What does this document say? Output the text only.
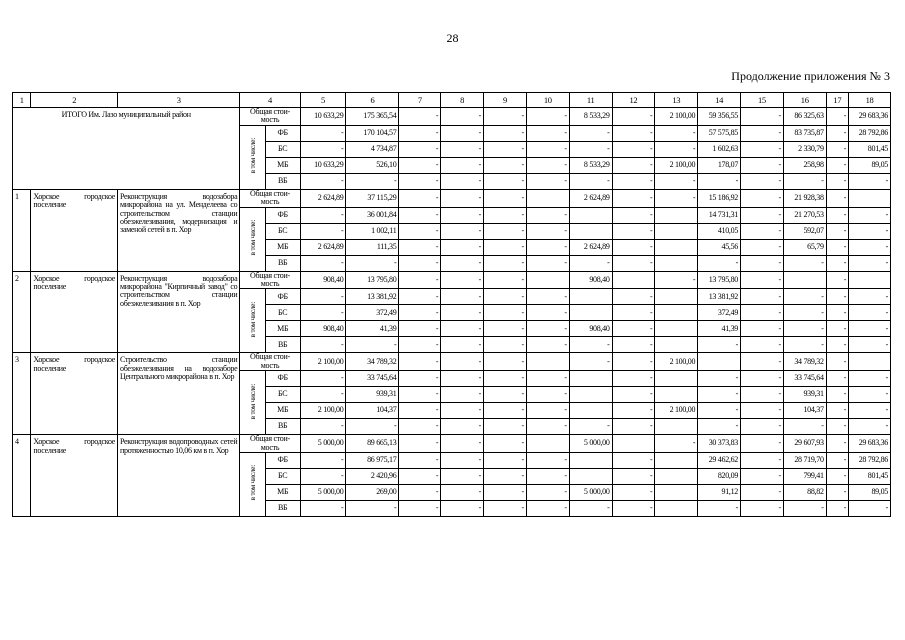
28
Продолжение приложения № 3
1	2	3	4		5	6	7	8	9	10	11	12	13	14	15	16	17	18
ИТОГО Им. Лазо муниципальный район			Общая стои-
мость		10 633,29	175 365,54	-	-	-	-	8 533,29	-	2 100,00	59 356,55	-	86 325,63	-	29 683,36
			в том числе:	ФБ	-	170 104,57	-	-	-	-	-	-	-	57 575,85	-	83 735,87	-	28 792,86
				БС	-	4 734,87	-	-	-	-	-	-	-	1 602,63	-	2 330,79	-	801,45
				МБ	10 633,29	526,10	-	-	-	-	8 533,29	-	2 100,00	178,07	-	258,98	-	89,05
				ВБ	-	-	-	-	-	-	-	-	-	-	-	-	-	-
1	Хорское городское поселение	Реконструкция водозабора микрорайона на ул. Менделеева со строительством станции обезжелезивания, модернизация и заменой сетей в п. Хор	Общая стои-
мость		2 624,89	37 115,29	-	-	-		2 624,89	-	-	15 186,92	-	21 928,38	-	
			в том числе:	ФБ	-	36 001,84	-	-	-	-		-		14 731,31	-	21 270,53	-	-
				БС	-	1 002,11	-	-	-	-		-		410,05	-	592,07	-	-
				МБ	2 624,89	111,35	-	-	-	-	2 624,89	-		45,56	-	65,79	-	-
				ВБ	-	-	-	-	-	-	-	-		-	-	-	-	-
2	Хорское городское поселение	Реконструкция водозабора микрорайона "Кирпичный завод" со строительством станции обезжелезивания в п. Хор	Общая стои-
мость		908,40	13 795,80	-	-	-		908,40		-	13 795,80	-		-	
			в том числе:	ФБ	-	13 381,92	-	-	-	-		-		13 381,92	-	-	-	-
				БС	-	372,49	-	-	-	-		-		372,49	-	-	-	-
				МБ	908,40	41,39	-	-	-	-	908,40	-		41,39	-	-	-	-
				ВБ	-	-	-	-	-	-	-	-		-	-	-	-	-
3	Хорское городское поселение	Строительство станции обезжелезивания на водозаборе Центрального микрорайона в п. Хор	Общая стои-
мость		2 100,00	34 789,32	-	-	-		-	-	2 100,00		-	34 789,32	-	
			в том числе:	ФБ	-	33 745,64	-	-	-	-		-		-	-	33 745,64	-	-
				БС	-	939,31	-	-	-	-		-		-	-	939,31	-	-
				МБ	2 100,00	104,37	-	-	-	-		-	2 100,00	-	-	104,37	-	-
				ВБ	-	-	-	-	-	-	-	-		-	-	-	-	-
4	Хорское городское поселение	Реконструкция водопроводных сетей протяженностью 10,06 км в п. Хор	Общая стои-
мость		5 000,00	89 665,13	-	-	-		5 000,00		-	30 373,83	-	29 607,93	-	29 683,36
			в том числе:	ФБ	-	86 975,17	-	-	-	-		-		29 462,62	-	28 719,70	-	28 792,86
				БС	-	2 420,96	-	-	-	-		-		820,09	-	799,41	-	801,45
				МБ	5 000,00	269,00	-	-	-	-	5 000,00	-		91,12	-	88,82	-	89,05
				ВБ	-	-	-	-	-	-	-	-		-	-	-	-	-
